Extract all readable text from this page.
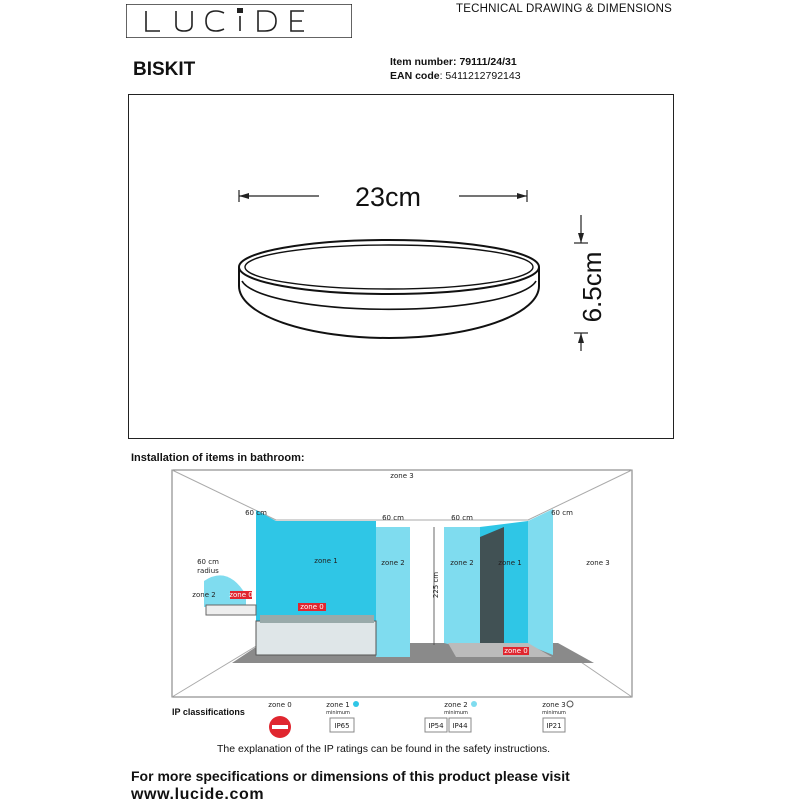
TECHNICAL DRAWING & DIMENSIONS
BISKIT	Item number: 79111/24/31
EAN code: 5411212792143
23cm
6.5cm
Installation of items in bathroom:
zone 3
zone 3
zone 1	zone 2	zone 2	zone 1
zone 2
60 cm
60 cm	60 cm
60 cm
60 cm
radius
225 cm
zone 0
zone 0
zone 0
IP classifications
zone 0	zone 1
minimum
IP65
zone 2
minimum
IP54 IP44
zone 3
minimum
IP21
The explanation of the IP ratings can be found in the safety instructions.
For more specifications or dimensions of this product please visit
www.lucide.com
